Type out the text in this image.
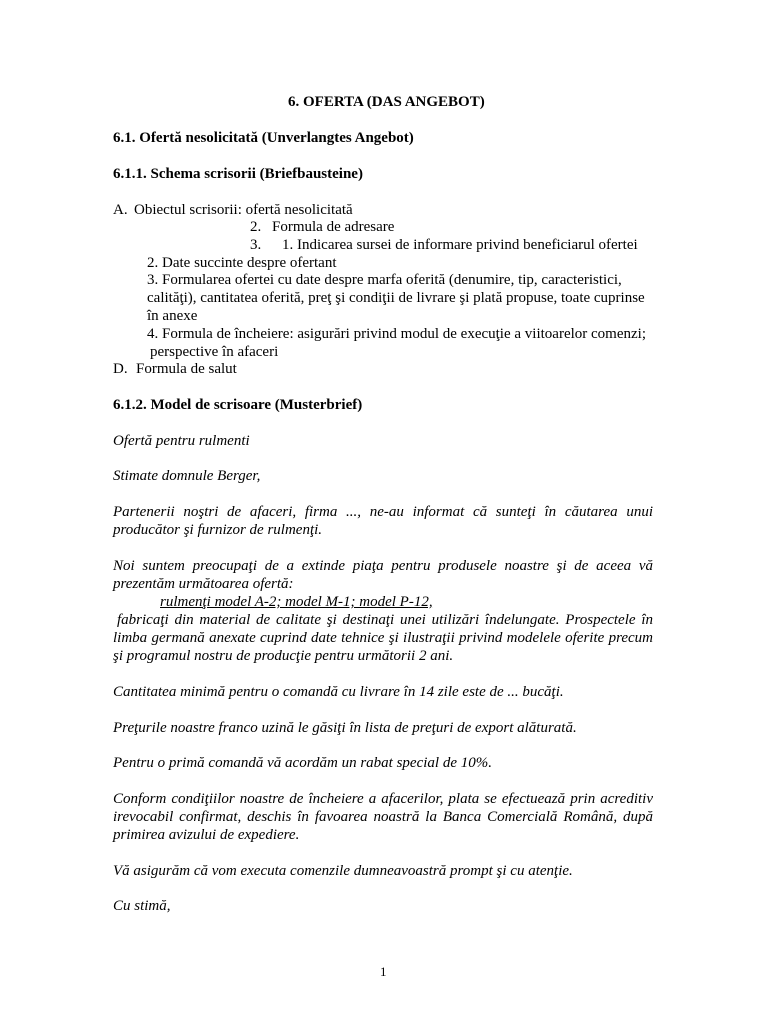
6. OFERTA (DAS ANGEBOT)
6.1. Ofertă nesolicitată (Unverlangtes Angebot)
6.1.1. Schema scrisorii (Briefbausteine)
A. Obiectul scrisorii: ofertă nesolicitată
2. Formula de adresare
3. 1. Indicarea sursei de informare privind beneficiarul ofertei
2. Date succinte despre ofertant
3. Formularea ofertei cu date despre marfa oferită (denumire, tip, caracteristici,
calităţi), cantitatea oferită, preţ şi condiţii de livrare şi plată propuse, toate cuprinse
în anexe
4. Formula de încheiere: asigurări privind modul de execuţie a viitoarelor comenzi;
perspective în afaceri
D. Formula de salut
6.1.2. Model de scrisoare (Musterbrief)
Ofertă pentru rulmenti
Stimate domnule Berger,
Partenerii noştri de afaceri, firma ..., ne-au informat că sunteţi în căutarea unui
producător şi furnizor de rulmenţi.
Noi suntem preocupaţi de a extinde piaţa pentru produsele noastre şi de aceea vă
prezentăm următoarea ofertă:
rulmenţi model A-2; model M-1; model P-12,
fabricaţi din material de calitate şi destinaţi unei utilizări îndelungate. Prospectele în
limba germană anexate cuprind date tehnice şi ilustraţii privind modelele oferite precum
şi programul nostru de producţie pentru următorii 2 ani.
Cantitatea minimă pentru o comandă cu livrare în 14 zile este de ... bucăţi.
Preţurile noastre franco uzină le găsiţi în lista de preţuri de export alăturată.
Pentru o primă comandă vă acordăm un rabat special de 10%.
Conform condiţiilor noastre de încheiere a afacerilor, plata se efectuează prin acreditiv
irevocabil confirmat, deschis în favoarea noastră la Banca Comercială Română, după
primirea avizului de expediere.
Vă asigurăm că vom executa comenzile dumneavoastră prompt şi cu atenţie.
Cu stimă,
1
